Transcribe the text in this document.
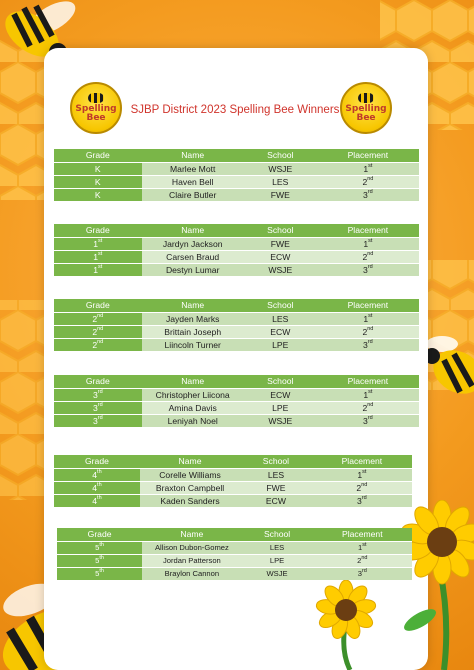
Spelling
Bee
SJBP District 2023 Spelling Bee Winners Spelling
Bee
Grade	Name	School	Placement
K	Marlee Mott	WSJE	1st
K	Haven Bell	LES	2nd
K	Claire Butler	FWE	3rd
Grade	Name	School	Placement
1st	Jardyn Jackson	FWE	1st
1st	Carsen Braud	ECW	2nd
1st	Destyn Lumar	WSJE	3rd
Grade	Name	School	Placement
2nd	Jayden Marks	LES	1st
2nd	Brittain Joseph	ECW	2nd
2nd	Liincoln Turner	LPE	3rd
Grade	Name	School	Placement
3rd	Christopher Liicona	ECW	1st
3rd	Amina Davis	LPE	2nd
3rd	Leniyah Noel	WSJE	3rd
Grade	Name	School	Placement
4th	Corelle Williams	LES	1st
4th	Braxton Campbell	FWE	2nd
4th	Kaden Sanders	ECW	3rd
Grade	Name	School	Placement
5th	Allison Dubon-Gomez	LES	1st
5th	Jordan Patterson	LPE	2nd
5th	Braylon Cannon	WSJE	3rd
